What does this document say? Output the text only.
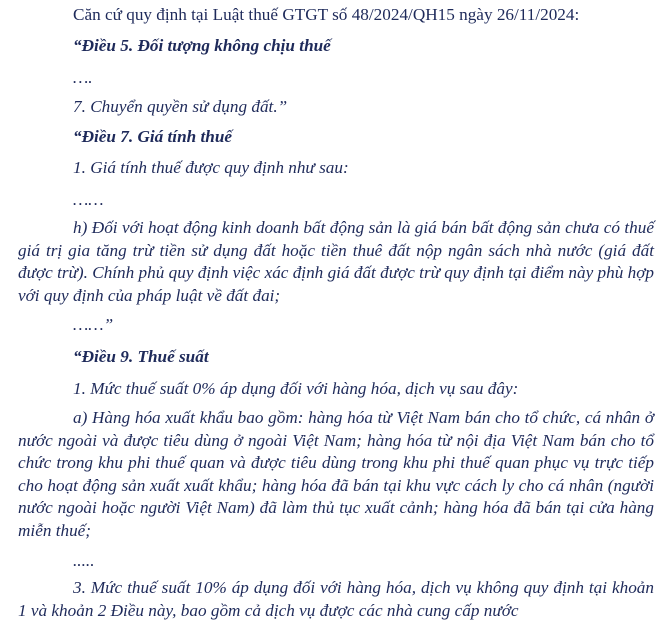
Căn cứ quy định tại Luật thuế GTGT số 48/2024/QH15 ngày 26/11/2024:
“Điều 5. Đối tượng không chịu thuế
….
7. Chuyển quyền sử dụng đất.”
“Điều 7. Giá tính thuế
1. Giá tính thuế được quy định như sau:
……
h) Đối với hoạt động kinh doanh bất động sản là giá bán bất động sản chưa có thuế giá trị gia tăng trừ tiền sử dụng đất hoặc tiền thuê đất nộp ngân sách nhà nước (giá đất được trừ). Chính phủ quy định việc xác định giá đất được trừ quy định tại điểm này phù hợp với quy định của pháp luật về đất đai;
……”
“Điều 9. Thuế suất
1. Mức thuế suất 0% áp dụng đối với hàng hóa, dịch vụ sau đây:
a) Hàng hóa xuất khẩu bao gồm: hàng hóa từ Việt Nam bán cho tổ chức, cá nhân ở nước ngoài và được tiêu dùng ở ngoài Việt Nam; hàng hóa từ nội địa Việt Nam bán cho tổ chức trong khu phi thuế quan và được tiêu dùng trong khu phi thuế quan phục vụ trực tiếp cho hoạt động sản xuất xuất khẩu; hàng hóa đã bán tại khu vực cách ly cho cá nhân (người nước ngoài hoặc người Việt Nam) đã làm thủ tục xuất cảnh; hàng hóa đã bán tại cửa hàng miễn thuế;
.....
3. Mức thuế suất 10% áp dụng đối với hàng hóa, dịch vụ không quy định tại khoản 1 và khoản 2 Điều này, bao gồm cả dịch vụ được các nhà cung cấp nước
